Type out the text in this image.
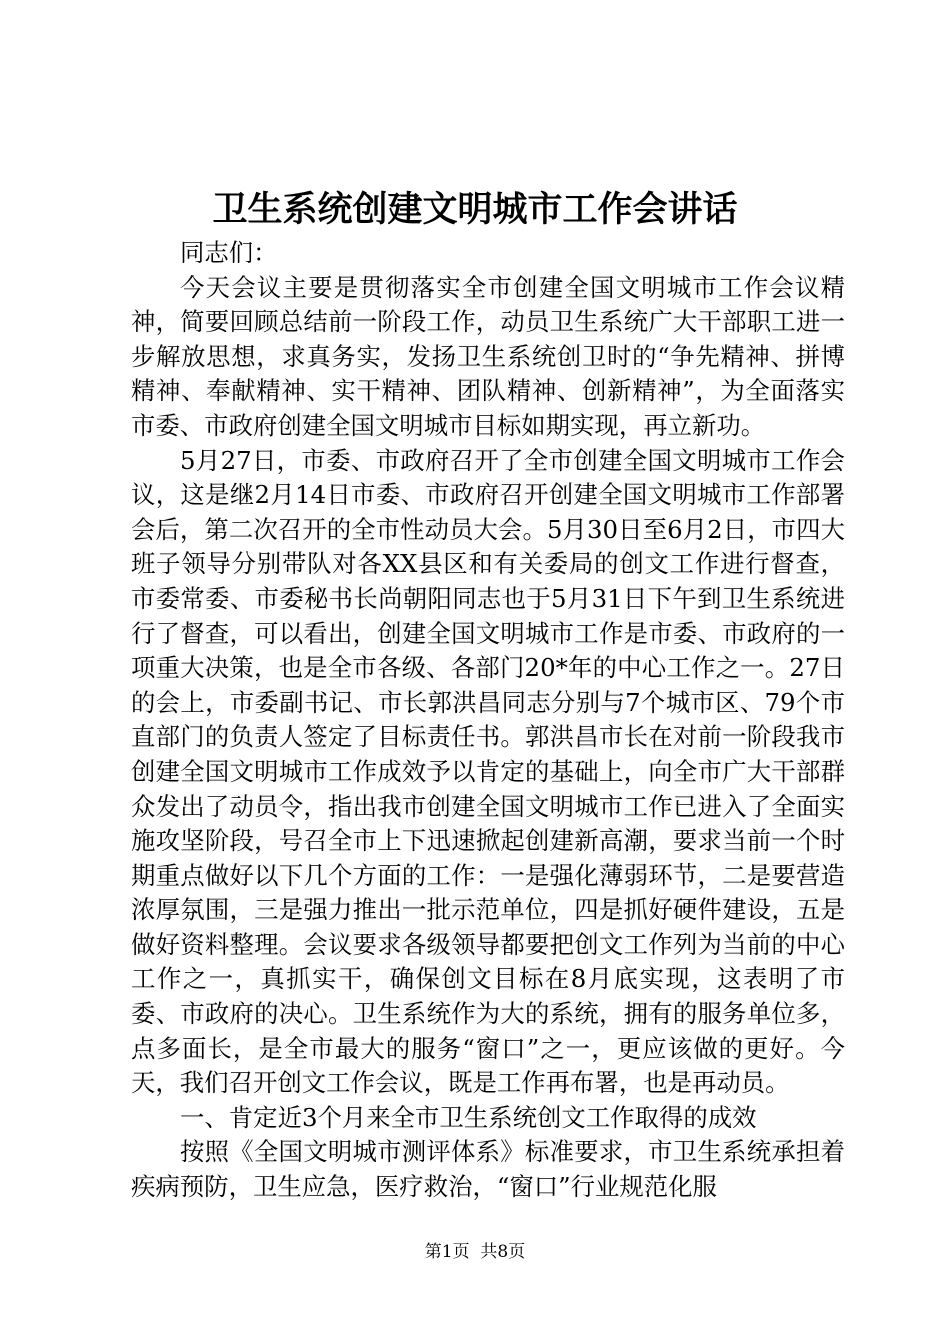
卫生系统创建文明城市工作会讲话

同志们：

今天会议主要是贯彻落实全市创建全国文明城市工作会议精神，简要回顾总结前一阶段工作，动员卫生系统广大干部职工进一步解放思想，求真务实，发扬卫生系统创卫时的“争先精神、拼博精神、奉献精神、实干精神、团队精神、创新精神”，为全面落实市委、市政府创建全国文明城市目标如期实现，再立新功。

5月27日，市委、市政府召开了全市创建全国文明城市工作会议，这是继2月14日市委、市政府召开创建全国文明城市工作部署会后，第二次召开的全市性动员大会。5月30日至6月2日，市四大班子领导分别带队对各XX县区和有关委局的创文工作进行督查，市委常委、市委秘书长尚朝阳同志也于5月31日下午到卫生系统进行了督查，可以看出，创建全国文明城市工作是市委、市政府的一项重大决策，也是全市各级、各部门20*年的中心工作之一。27日的会上，市委副书记、市长郭洪昌同志分别与7个城市区、79个市直部门的负责人签定了目标责任书。郭洪昌市长在对前一阶段我市创建全国文明城市工作成效予以肯定的基础上，向全市广大干部群众发出了动员令，指出我市创建全国文明城市工作已进入了全面实施攻坚阶段，号召全市上下迅速掀起创建新高潮，要求当前一个时期重点做好以下几个方面的工作：一是强化薄弱环节，二是要营造浓厚氛围，三是强力推出一批示范单位，四是抓好硬件建设，五是做好资料整理。会议要求各级领导都要把创文工作列为当前的中心工作之一，真抓实干，确保创文目标在8月底实现，这表明了市委、市政府的决心。卫生系统作为大的系统，拥有的服务单位多，点多面长，是全市最大的服务“窗口”之一，更应该做的更好。今天，我们召开创文工作会议，既是工作再布署，也是再动员。

一、肯定近3个月来全市卫生系统创文工作取得的成效

按照《全国文明城市测评体系》标准要求，市卫生系统承担着疾病预防，卫生应急，医疗救治，“窗口”行业规范化服

第1页 共8页
